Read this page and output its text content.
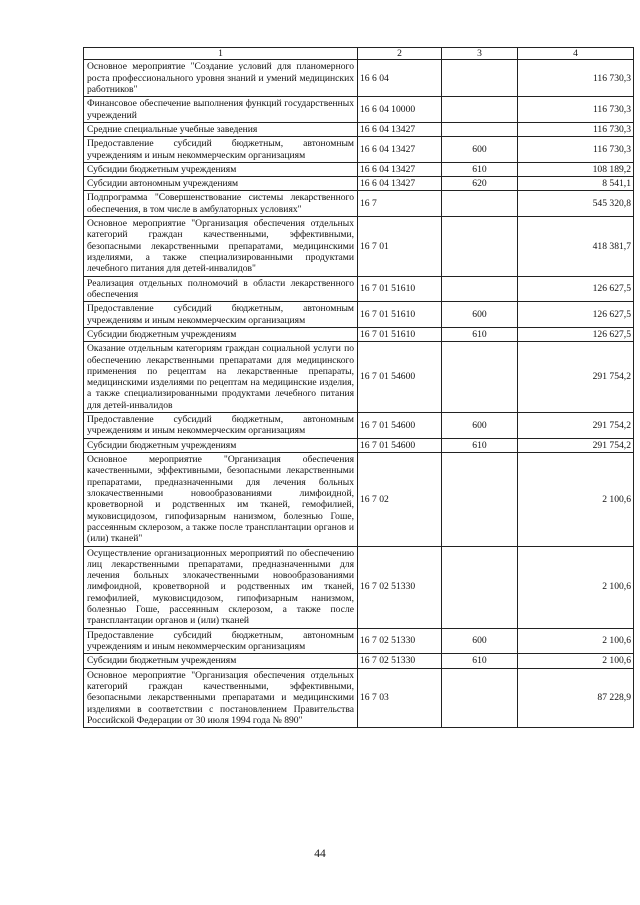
1	2	3	4
Основное мероприятие "Создание условий для планомерного роста профессионального уровня знаний и умений медицинских работников"	16 6 04		116 730,3
Финансовое обеспечение выполнения функций государственных учреждений	16 6 04 10000		116 730,3
Средние специальные учебные заведения	16 6 04 13427		116 730,3
Предоставление субсидий бюджетным, автономным учреждениям и иным некоммерческим организациям	16 6 04 13427	600	116 730,3
Субсидии бюджетным учреждениям	16 6 04 13427	610	108 189,2
Субсидии автономным учреждениям	16 6 04 13427	620	8 541,1
Подпрограмма "Совершенствование системы лекарственного обеспечения, в том числе в амбулаторных условиях"	16 7		545 320,8
Основное мероприятие "Организация обеспечения отдельных категорий граждан качественными, эффективными, безопасными лекарственными препаратами, медицинскими изделиями, а также специализированными продуктами лечебного питания для детей-инвалидов"	16 7 01		418 381,7
Реализация отдельных полномочий в области лекарственного обеспечения	16 7 01 51610		126 627,5
Предоставление субсидий бюджетным, автономным учреждениям и иным некоммерческим организациям	16 7 01 51610	600	126 627,5
Субсидии бюджетным учреждениям	16 7 01 51610	610	126 627,5
Оказание отдельным категориям граждан социальной услуги по обеспечению лекарственными препаратами для медицинского применения по рецептам на лекарственные препараты, медицинскими изделиями по рецептам на медицинские изделия, а также специализированными продуктами лечебного питания для детей-инвалидов	16 7 01 54600		291 754,2
Предоставление субсидий бюджетным, автономным учреждениям и иным некоммерческим организациям	16 7 01 54600	600	291 754,2
Субсидии бюджетным учреждениям	16 7 01 54600	610	291 754,2
Основное мероприятие "Организация обеспечения качественными, эффективными, безопасными лекарственными препаратами, предназначенными для лечения больных злокачественными новообразованиями лимфоидной, кроветворной и родственных им тканей, гемофилией, муковисцидозом, гипофизарным нанизмом, болезнью Гоше, рассеянным склерозом, а также после трансплантации органов и (или) тканей"	16 7 02		2 100,6
Осуществление организационных мероприятий по обеспечению лиц лекарственными препаратами, предназначенными для лечения больных злокачественными новообразованиями лимфоидной, кроветворной и родственных им тканей, гемофилией, муковисцидозом, гипофизарным нанизмом, болезнью Гоше, рассеянным склерозом, а также после трансплантации органов и (или) тканей	16 7 02 51330		2 100,6
Предоставление субсидий бюджетным, автономным учреждениям и иным некоммерческим организациям	16 7 02 51330	600	2 100,6
Субсидии бюджетным учреждениям	16 7 02 51330	610	2 100,6
Основное мероприятие "Организация обеспечения отдельных категорий граждан качественными, эффективными, безопасными лекарственными препаратами и медицинскими изделиями в соответствии с постановлением Правительства Российской Федерации от 30 июля 1994 года № 890"	16 7 03		87 228,9
44
